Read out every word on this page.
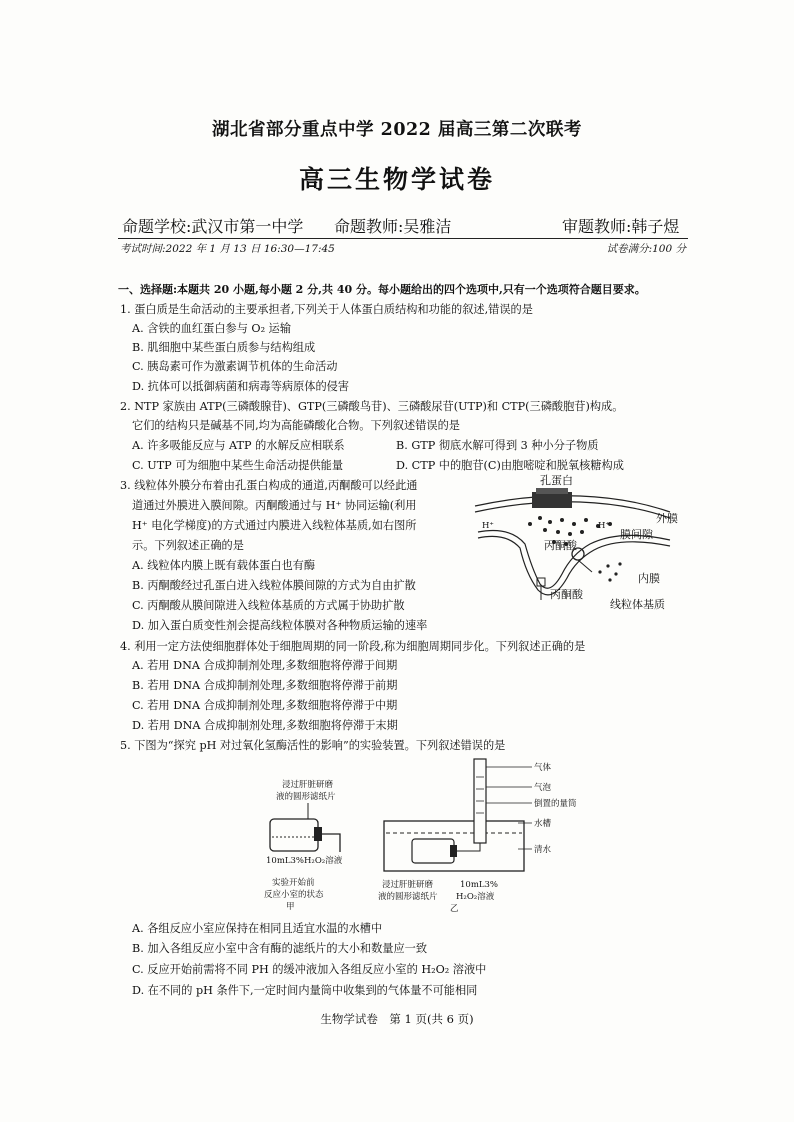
湖北省部分重点中学 2022 届高三第二次联考
高三生物学试卷
命题学校:武汉市第一中学 命题教师:吴雅洁	审题教师:韩子煜
考试时间:2022 年 1 月 13 日 16:30—17:45	试卷满分:100 分
一、选择题:本题共 20 小题,每小题 2 分,共 40 分。每小题给出的四个选项中,只有一个选项符合题目要求。
1. 蛋白质是生命活动的主要承担者,下列关于人体蛋白质结构和功能的叙述,错误的是
A. 含铁的血红蛋白参与 O₂ 运输
B. 肌细胞中某些蛋白质参与结构组成
C. 胰岛素可作为激素调节机体的生命活动
D. 抗体可以抵御病菌和病毒等病原体的侵害
2. NTP 家族由 ATP(三磷酸腺苷)、GTP(三磷酸鸟苷)、三磷酸尿苷(UTP)和 CTP(三磷酸胞苷)构成。
它们的结构只是碱基不同,均为高能磷酸化合物。下列叙述错误的是
A. 许多吸能反应与 ATP 的水解反应相联系	B. GTP 彻底水解可得到 3 种小分子物质
C. UTP 可为细胞中某些生命活动提供能量	D. CTP 中的胞苷(C)由胞嘧啶和脱氧核糖构成
3. 线粒体外膜分布着由孔蛋白构成的通道,丙酮酸可以经此通
道通过外膜进入膜间隙。丙酮酸通过与 H⁺ 协同运输(利用
H⁺ 电化学梯度)的方式通过内膜进入线粒体基质,如右图所
示。下列叙述正确的是
A. 线粒体内膜上既有载体蛋白也有酶
B. 丙酮酸经过孔蛋白进入线粒体膜间隙的方式为自由扩散
C. 丙酮酸从膜间隙进入线粒体基质的方式属于协助扩散
D. 加入蛋白质变性剂会提高线粒体膜对各种物质运输的速率
孔蛋白
外膜
膜间隙
内膜
线粒体基质
丙酮酸
丙酮酸
H⁺	H⁺
4. 利用一定方法使细胞群体处于细胞周期的同一阶段,称为细胞周期同步化。下列叙述正确的是
A. 若用 DNA 合成抑制剂处理,多数细胞将停滞于间期
B. 若用 DNA 合成抑制剂处理,多数细胞将停滞于前期
C. 若用 DNA 合成抑制剂处理,多数细胞将停滞于中期
D. 若用 DNA 合成抑制剂处理,多数细胞将停滞于末期
5. 下图为“探究 pH 对过氧化氢酶活性的影响”的实验装置。下列叙述错误的是
浸过肝脏研磨
液的圆形滤纸片
10mL3%H₂O₂溶液
实验开始前
反应小室的状态
甲
气体
气泡
倒置的量筒
水槽
清水
浸过肝脏研磨
液的圆形滤纸片
10mL3%
H₂O₂溶液
乙
A. 各组反应小室应保持在相同且适宜水温的水槽中
B. 加入各组反应小室中含有酶的滤纸片的大小和数量应一致
C. 反应开始前需将不同 PH 的缓冲液加入各组反应小室的 H₂O₂ 溶液中
D. 在不同的 pH 条件下,一定时间内量筒中收集到的气体量不可能相同
生物学试卷　第 1 页(共 6 页)
